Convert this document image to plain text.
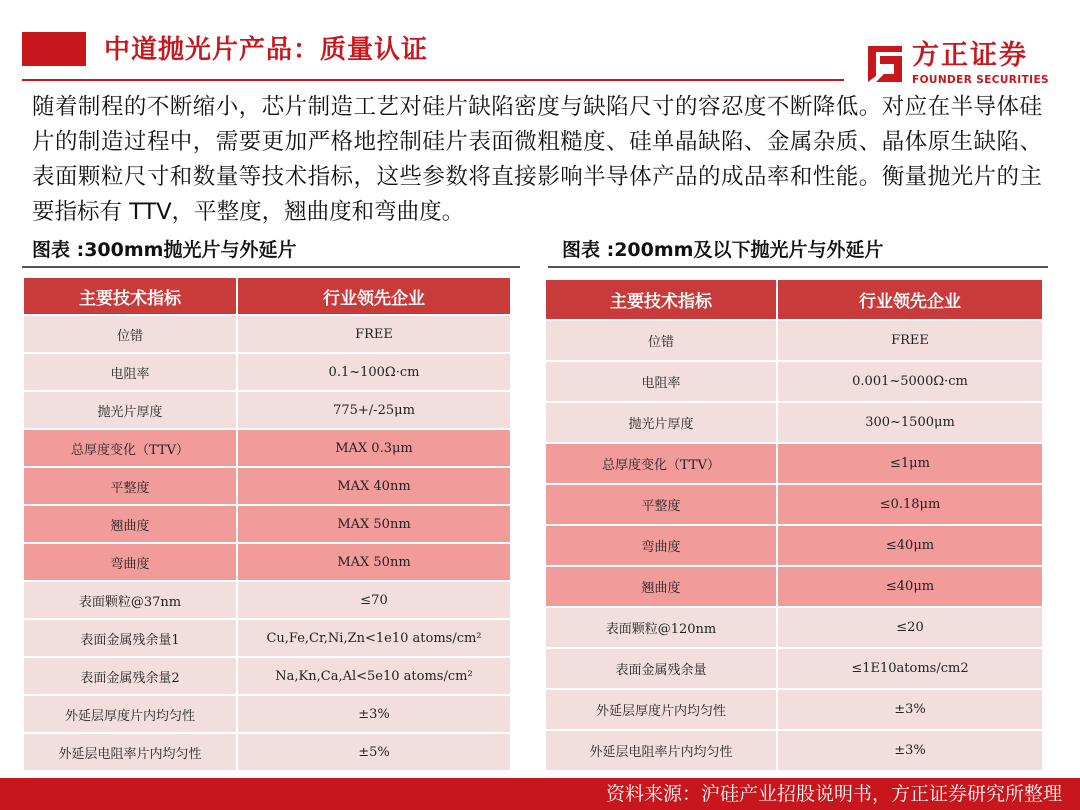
中道抛光片产品：质量认证	方正证券
FOUNDER SECURITIES
随着制程的不断缩小，芯片制造工艺对硅片缺陷密度与缺陷尺寸的容忍度不断降低。对应在半导体硅片的制造过程中，需要更加严格地控制硅片表面微粗糙度、硅单晶缺陷、金属杂质、晶体原生缺陷、表面颗粒尺寸和数量等技术指标，这些参数将直接影响半导体产品的成品率和性能。衡量抛光片的主要指标有 TTV，平整度，翘曲度和弯曲度。
图表 :300mm抛光片与外延片	图表 :200mm及以下抛光片与外延片
主要技术指标	行业领先企业
位错	FREE
电阻率	0.1~100Ω·cm
抛光片厚度	775+/-25μm
总厚度变化（TTV）	MAX 0.3μm
平整度	MAX 40nm
翘曲度	MAX 50nm
弯曲度	MAX 50nm
表面颗粒@37nm	≤70
表面金属残余量1	Cu,Fe,Cr,Ni,Zn<1e10 atoms/cm²
表面金属残余量2	Na,Kn,Ca,Al<5e10 atoms/cm²
外延层厚度片内均匀性	±3%
外延层电阻率片内均匀性	±5%
主要技术指标	行业领先企业
位错	FREE
电阻率	0.001~5000Ω·cm
抛光片厚度	300~1500μm
总厚度变化（TTV）	≤1μm
平整度	≤0.18μm
弯曲度	≤40μm
翘曲度	≤40μm
表面颗粒@120nm	≤20
表面金属残余量	≤1E10atoms/cm2
外延层厚度片内均匀性	±3%
外延层电阻率片内均匀性	±3%
资料来源：沪硅产业招股说明书，方正证券研究所整理
